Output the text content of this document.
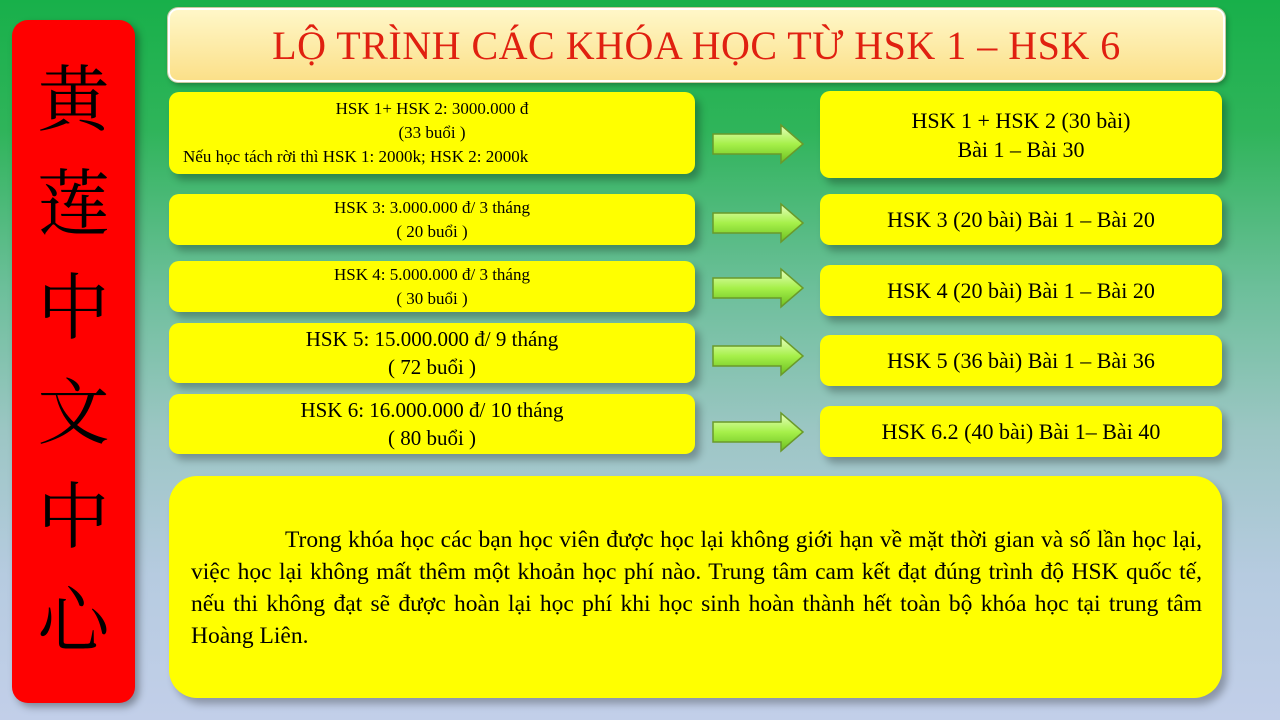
黄
莲
中
文
中
心
LỘ TRÌNH CÁC KHÓA HỌC TỪ HSK 1 – HSK 6
HSK 1+ HSK 2: 3000.000 đ
(33 buổi )
Nếu học tách rời thì HSK 1: 2000k; HSK 2: 2000k
HSK 1 + HSK 2 (30 bài)
Bài 1 – Bài 30
HSK 3: 3.000.000 đ/ 3 tháng
( 20 buổi )	HSK 3 (20 bài) Bài 1 – Bài 20
HSK 4: 5.000.000 đ/ 3 tháng
( 30 buổi )	HSK 4 (20 bài) Bài 1 – Bài 20
HSK 5: 15.000.000 đ/ 9 tháng
( 72 buổi )	HSK 5 (36 bài) Bài 1 – Bài 36
HSK 6: 16.000.000 đ/ 10 tháng
( 80 buổi )	HSK 6.2 (40 bài) Bài 1– Bài 40

Trong khóa học các bạn học viên được học lại không giới hạn về mặt thời gian và số lần học lại, việc học lại không mất thêm một khoản học phí nào. Trung tâm cam kết đạt đúng trình độ HSK quốc tế, nếu thi không đạt sẽ được hoàn lại học phí khi học sinh hoàn thành hết toàn bộ khóa học tại trung tâm Hoàng Liên.
